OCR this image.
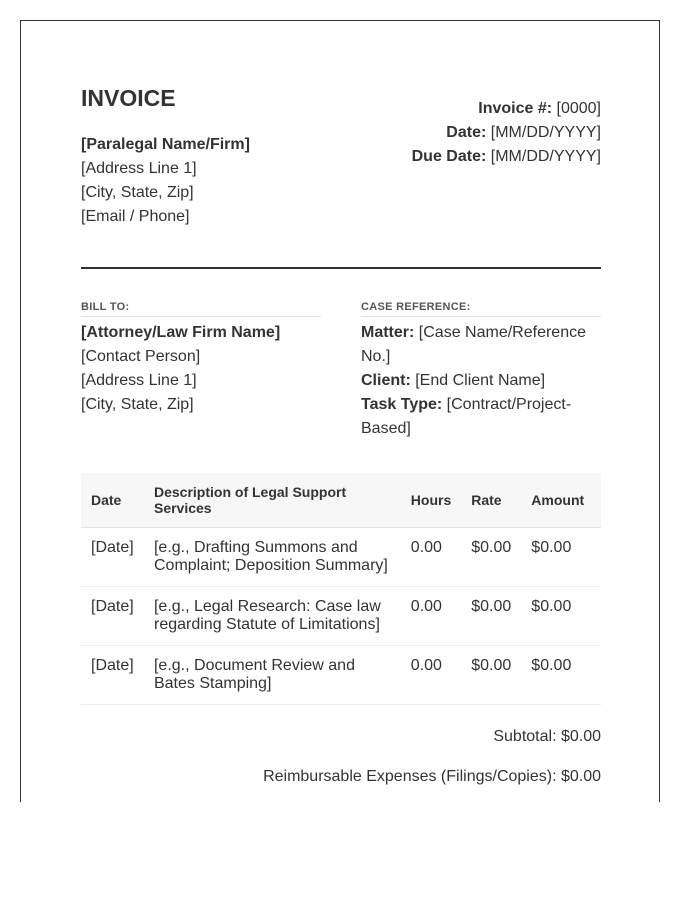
INVOICE
[Paralegal Name/Firm]
[Address Line 1]
[City, State, Zip]
[Email / Phone]
Invoice #: [0000]
Date: [MM/DD/YYYY]
Due Date: [MM/DD/YYYY]
BILL TO:
[Attorney/Law Firm Name]
[Contact Person]
[Address Line 1]
[City, State, Zip]
CASE REFERENCE:
Matter: [Case Name/Reference No.]
Client: [End Client Name]
Task Type: [Contract/Project-Based]
Date	Description of Legal Support Services	Hours	Rate	Amount
[Date]	[e.g., Drafting Summons and Complaint; Deposition Summary]	0.00	$0.00	$0.00
[Date]	[e.g., Legal Research: Case law regarding Statute of Limitations]	0.00	$0.00	$0.00
[Date]	[e.g., Document Review and Bates Stamping]	0.00	$0.00	$0.00
Subtotal: $0.00
Reimbursable Expenses (Filings/Copies): $0.00
